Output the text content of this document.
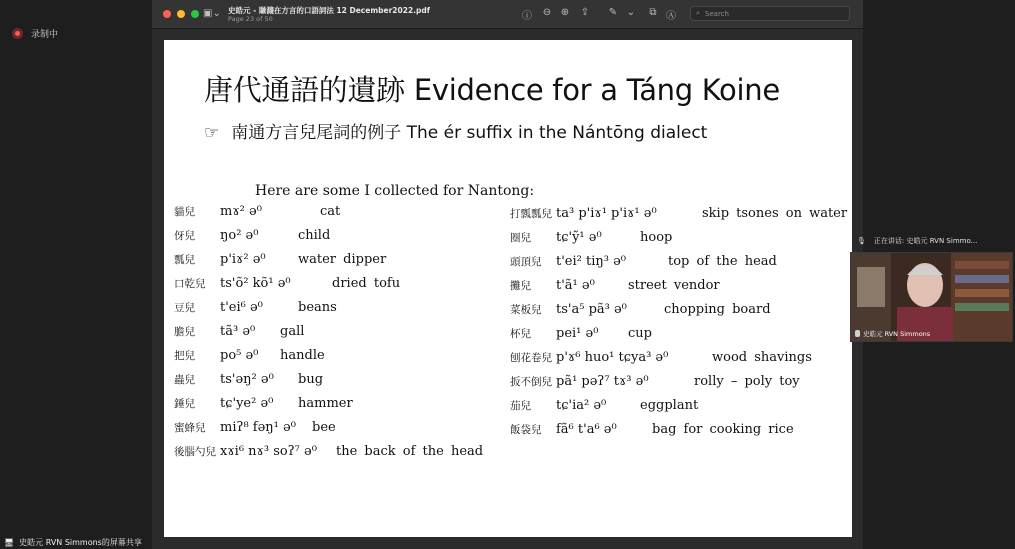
录制中
▣⌄ 史皓元 - 賺濺在方言的口語詞法 12 December2022.pdf
Page 23 of 50	ⓘ ⊖ ⊕ ⇪ ✎ ⌄	⧉ Ⓐ	⌕ Search
唐代通語的遺跡 Evidence for a Táng Koine
☞ 南通方言兒尾詞的例子 The ér suffix in the Nántōng dialect
Here are some I collected for Nantong:
貓兒	mɤ² ə⁰	cat
伢兒	ŋo² ə⁰	child
瓢兒	p'iɤ² ə⁰	water dipper
口乾兒	ts'õ² kõ¹ ə⁰	dried tofu
豆兒	t'ei⁶ ə⁰	beans
膽兒	tã³ ə⁰	gall
把兒	po⁵ ə⁰	handle
蟲兒	ts'əŋ² ə⁰	bug
錘兒	tɕ'ye² ə⁰	hammer
蜜蜂兒	miʔ⁸ fəŋ¹ ə⁰	bee
後腦勺兒 xɤi⁶ nɤ³ soʔ⁷ ə⁰	the back of the head
打瓢瓢兒 ta³ p'iɤ¹ p'iɤ¹ ə⁰	skip tsones on water
圈兒	tɕ'ỹ¹ ə⁰	hoop
頭頂兒	t'ei² tiŋ³ ə⁰	top of the head
攤兒	t'ã¹ ə⁰	street vendor
菜板兒	ts'a⁵ pã³ ə⁰	chopping board
杯兒	pei¹ ə⁰	cup
刨花卷兒 p'ɤ⁶ huo¹ tɕya³ ə⁰	wood shavings
扳不倒兒 pã¹ pəʔ⁷ tɤ³ ə⁰	rolly – poly toy
茄兒	tɕ'ia² ə⁰	eggplant
飯袋兒	fã⁶ t'a⁶ ə⁰	bag for cooking rice
🎙 正在讲话: 史皓元 RVN Simmo...
史皓元 RVN Simmons
🖥 史皓元 RVN Simmons的屏幕共享
